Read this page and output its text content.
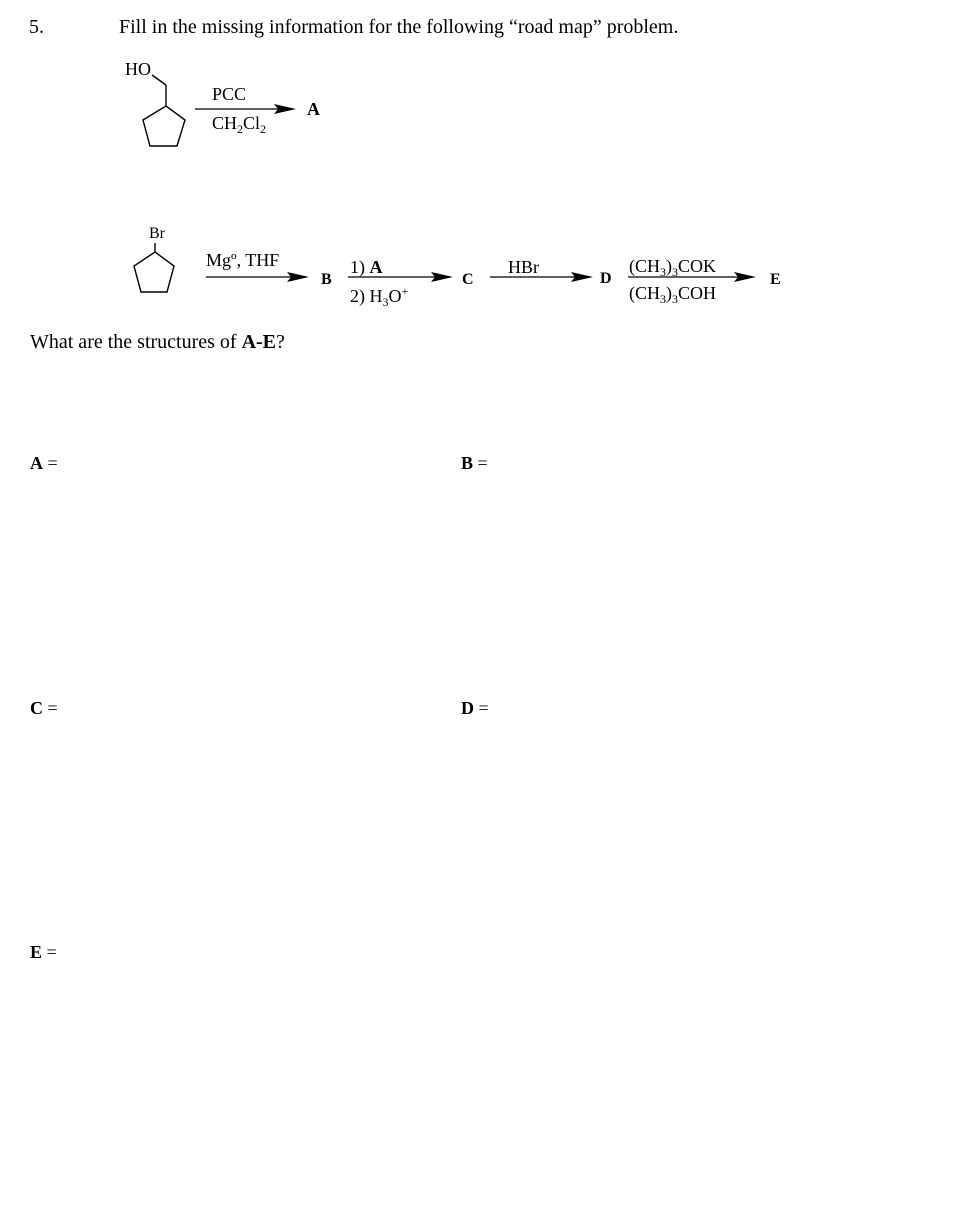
5.	Fill in the missing information for the following “road map” problem.
HO
PCC
$CH_2Cl_2$
A
Br
Mgº, THF
B
1) A
2) $H_3O^+$
C
HBr
D
$(CH_3)_3COK$
$(CH_3)_3COH$
E
What are the structures of A-E?
A =	B =
C =	D =
E =
